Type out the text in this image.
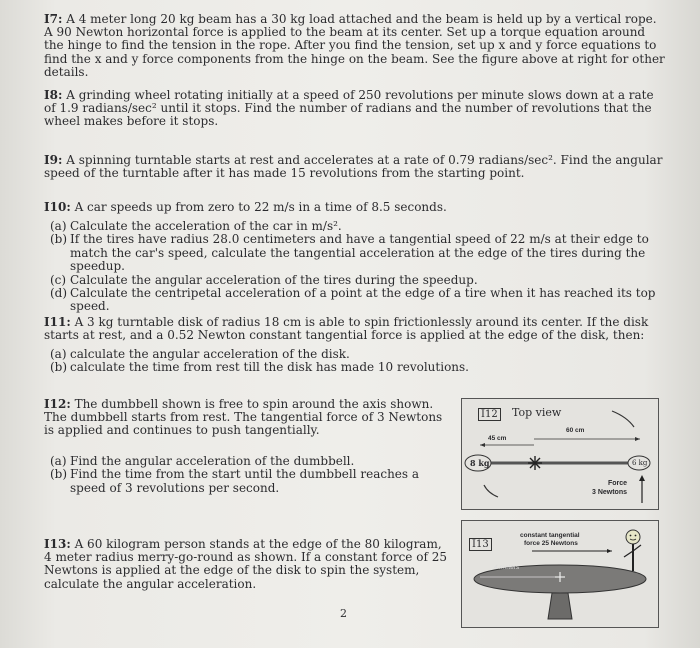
I7: A 4 meter long 20 kg beam has a 30 kg load attached and the beam is held up by a vertical rope. A 90 Newton horizontal force is applied to the beam at its center. Set up a torque equation around the hinge to find the tension in the rope. After you find the tension, set up x and y force equations to find the x and y force components from the hinge on the beam. See the figure above at right for other details.
I8: A grinding wheel rotating initially at a speed of 250 revolutions per minute slows down at a rate of 1.9 radians/sec² until it stops. Find the number of radians and the number of revolutions that the wheel makes before it stops.
I9: A spinning turntable starts at rest and accelerates at a rate of 0.79 radians/sec². Find the angular speed of the turntable after it has made 15 revolutions from the starting point.
I10: A car speeds up from zero to 22 m/s in a time of 8.5 seconds.
(a) Calculate the acceleration of the car in m/s².
(b) If the tires have radius 28.0 centimeters and have a tangential speed of 22 m/s at their edge to match the car's speed, calculate the tangential acceleration at the edge of the tires during the speedup.
(c) Calculate the angular acceleration of the tires during the speedup.
(d) Calculate the centripetal acceleration of a point at the edge of a tire when it has reached its top speed.
I11: A 3 kg turntable disk of radius 18 cm is able to spin frictionlessly around its center. If the disk starts at rest, and a 0.52 Newton constant tangential force is applied at the edge of the disk, then:
(a) calculate the angular acceleration of the disk.
(b) calculate the time from rest till the disk has made 10 revolutions.
I12: The dumbbell shown is free to spin around the axis shown. The dumbbell starts from rest. The tangential force of 3 Newtons is applied and continues to push tangentially.
(a) Find the angular acceleration of the dumbbell.
(b) Find the time from the start until the dumbbell reaches a speed of 3 revolutions per second.
I12 Top view
45 cm
60 cm
8 kg	6 kg
Force
3 Newtons
I13: A 60 kilogram person stands at the edge of the 80 kilogram, 4 meter radius merry-go-round as shown. If a constant force of 25 Newtons is applied at the edge of the disk to spin the system, calculate the angular acceleration.
I13
constant tangential
force 25 Newtons
4 meters
2
